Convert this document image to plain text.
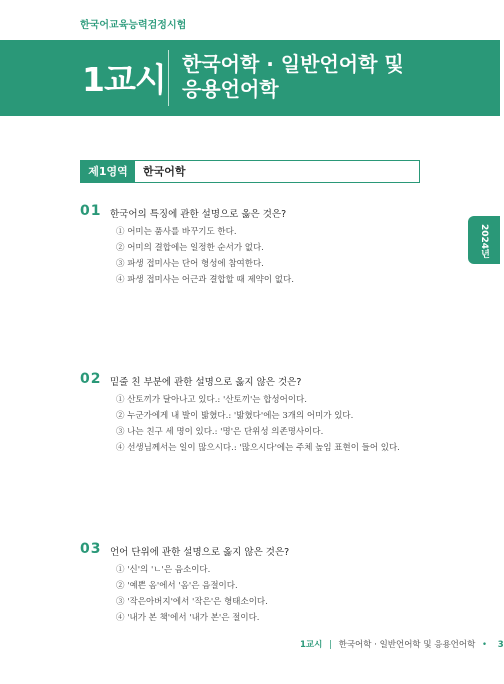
한국어교육능력검정시험
1교시 한국어학 · 일반언어학 및
응용언어학
제1영역	한국어학
2024년
01 한국어의 특징에 관한 설명으로 옳은 것은?
① 어미는 품사를 바꾸기도 한다.
② 어미의 결합에는 일정한 순서가 없다.
③ 파생 접미사는 단어 형성에 참여한다.
④ 파생 접미사는 어근과 결합할 때 제약이 없다.
02 밑줄 친 부분에 관한 설명으로 옳지 않은 것은?
① 산토끼가 달아나고 있다.: '산토끼'는 합성어이다.
② 누군가에게 내 발이 밟혔다.: '밟혔다'에는 3개의 어미가 있다.
③ 나는 친구 세 명이 있다.: '명'은 단위성 의존명사이다.
④ 선생님께서는 일이 많으시다.: '많으시다'에는 주체 높임 표현이 들어 있다.
03 언어 단위에 관한 설명으로 옳지 않은 것은?
① '신'의 'ㄴ'은 음소이다.
② '예쁜 옴'에서 '옴'은 음절이다.
③ '작은아버지'에서 '작은'은 형태소이다.
④ '내가 본 책'에서 '내가 본'은 절이다.
1교시 | 한국어학 · 일반언어학 및 응용언어학 • 3
